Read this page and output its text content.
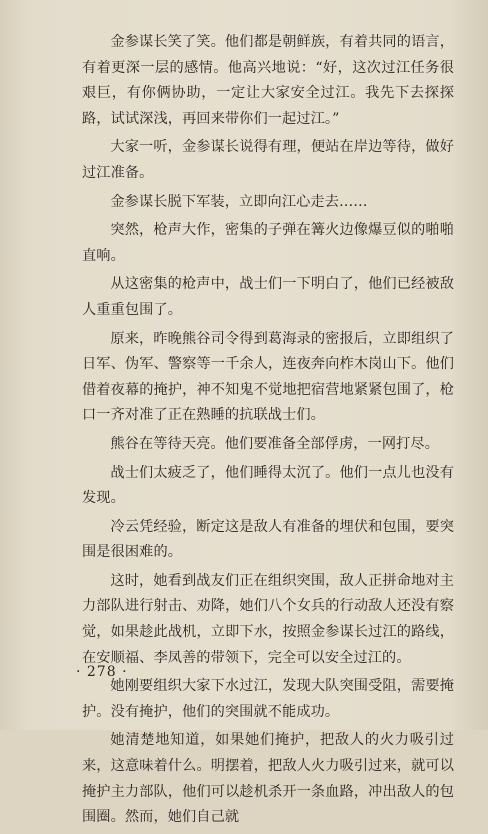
金参谋长笑了笑。他们都是朝鲜族，有着共同的语言，有着更深一层的感情。他高兴地说：“好，这次过江任务很艰巨，有你俩协助，一定让大家安全过江。我先下去探探路，试试深浅，再回来带你们一起过江。”

大家一听，金参谋长说得有理，便站在岸边等待，做好过江准备。

金参谋长脱下军装，立即向江心走去……

突然，枪声大作，密集的子弹在篝火边像爆豆似的啪啪直响。

从这密集的枪声中，战士们一下明白了，他们已经被敌人重重包围了。

原来，昨晚熊谷司令得到葛海录的密报后，立即组织了日军、伪军、警察等一千余人，连夜奔向柞木岗山下。他们借着夜幕的掩护，神不知鬼不觉地把宿营地紧紧包围了，枪口一齐对准了正在熟睡的抗联战士们。

熊谷在等待天亮。他们要准备全部俘虏，一网打尽。

战士们太疲乏了，他们睡得太沉了。他们一点儿也没有发现。

冷云凭经验，断定这是敌人有准备的埋伏和包围，要突围是很困难的。

这时，她看到战友们正在组织突围，敌人正拼命地对主力部队进行射击、劝降，她们八个女兵的行动敌人还没有察觉，如果趁此战机，立即下水，按照金参谋长过江的路线，在安顺福、李凤善的带领下，完全可以安全过江的。

她刚要组织大家下水过江，发现大队突围受阻，需要掩护。没有掩护，他们的突围就不能成功。

她清楚地知道，如果她们掩护，把敌人的火力吸引过来，这意味着什么。明摆着，把敌人火力吸引过来，就可以掩护主力部队，他们可以趁机杀开一条血路，冲出敌人的包围圈。然而，她们自己就

· 278 ·
